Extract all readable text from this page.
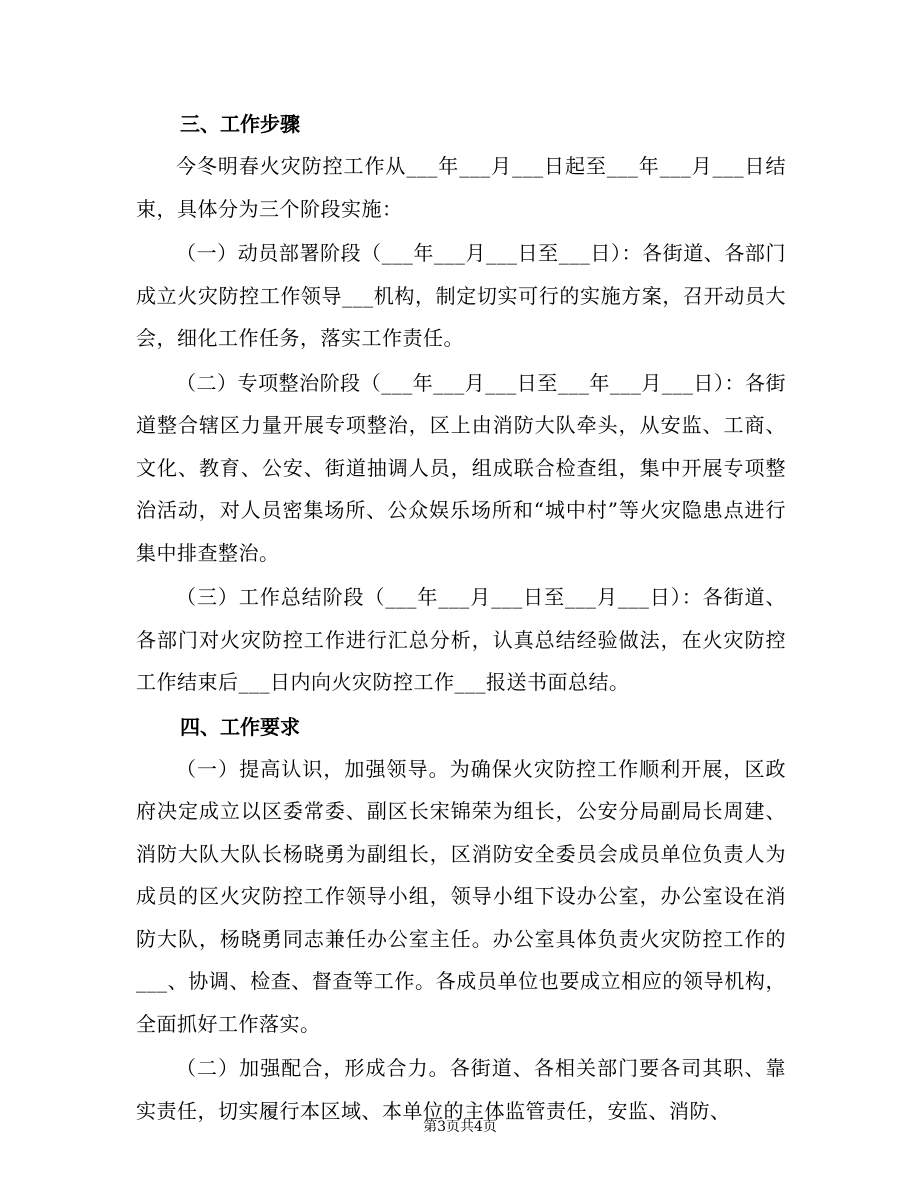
三、工作步骤

今冬明春火灾防控工作从___年___月___日起至___年___月___日结束，具体分为三个阶段实施：

（一）动员部署阶段（___年___月___日至___日）：各街道、各部门成立火灾防控工作领导___机构，制定切实可行的实施方案，召开动员大会，细化工作任务，落实工作责任。

（二）专项整治阶段（___年___月___日至___年___月___日）：各街道整合辖区力量开展专项整治，区上由消防大队牵头，从安监、工商、文化、教育、公安、街道抽调人员，组成联合检查组，集中开展专项整治活动，对人员密集场所、公众娱乐场所和“城中村”等火灾隐患点进行集中排查整治。

（三）工作总结阶段（___年___月___日至___月___日）：各街道、各部门对火灾防控工作进行汇总分析，认真总结经验做法，在火灾防控工作结束后___日内向火灾防控工作___报送书面总结。

四、工作要求

（一）提高认识，加强领导。为确保火灾防控工作顺利开展，区政府决定成立以区委常委、副区长宋锦荣为组长，公安分局副局长周建、消防大队大队长杨晓勇为副组长，区消防安全委员会成员单位负责人为成员的区火灾防控工作领导小组，领导小组下设办公室，办公室设在消防大队，杨晓勇同志兼任办公室主任。办公室具体负责火灾防控工作的___、协调、检查、督查等工作。各成员单位也要成立相应的领导机构，全面抓好工作落实。

（二）加强配合，形成合力。各街道、各相关部门要各司其职、靠实责任，切实履行本区域、本单位的主体监管责任，安监、消防、

第3页共4页
